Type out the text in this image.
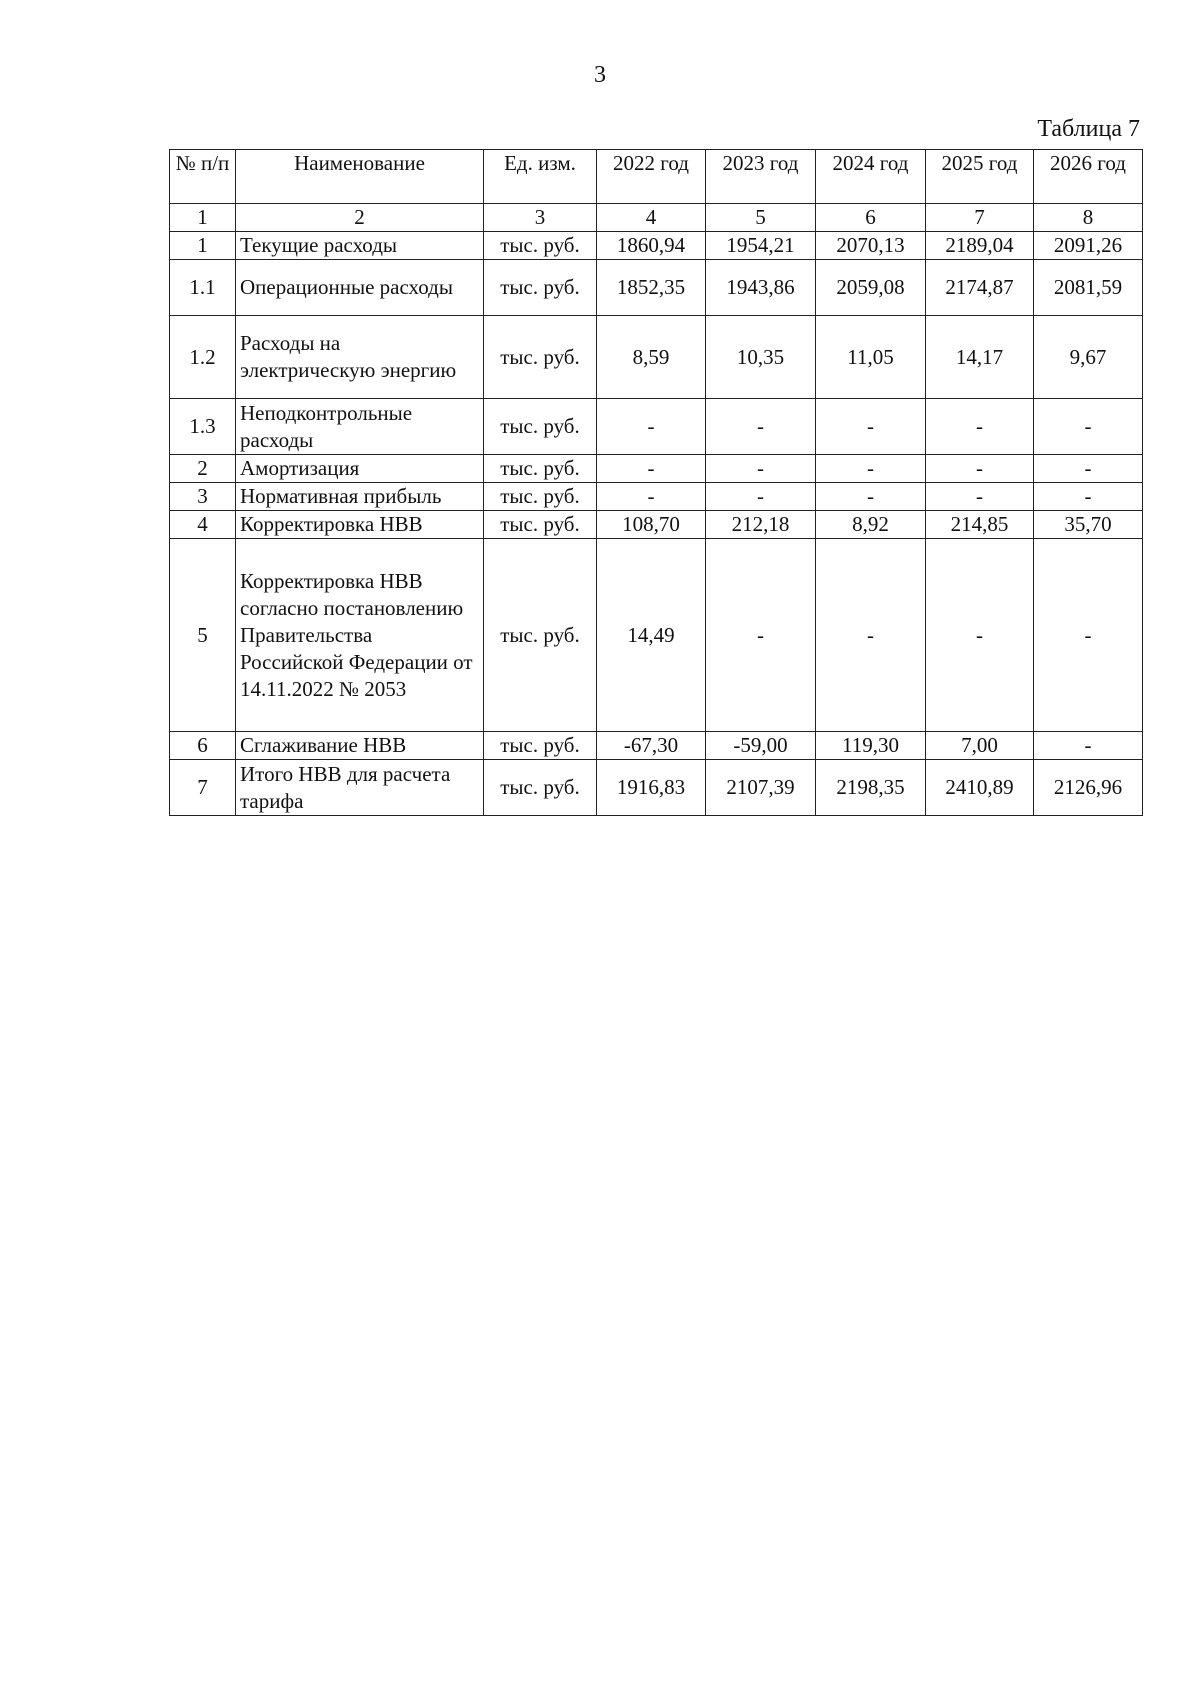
3
Таблица 7
№ п/п	Наименование	Ед. изм.	2022 год	2023 год	2024 год	2025 год	2026 год
1	2	3	4	5	6	7	8
1	Текущие расходы	тыс. руб.	1860,94	1954,21	2070,13	2189,04	2091,26
1.1	Операционные расходы	тыс. руб.	1852,35	1943,86	2059,08	2174,87	2081,59
1.2	Расходы на электрическую энергию	тыс. руб.	8,59	10,35	11,05	14,17	9,67
1.3	Неподконтрольные расходы	тыс. руб.	-	-	-	-	-
2	Амортизация	тыс. руб.	-	-	-	-	-
3	Нормативная прибыль	тыс. руб.	-	-	-	-	-
4	Корректировка НВВ	тыс. руб.	108,70	212,18	8,92	214,85	35,70
5	Корректировка НВВ согласно постановлению Правительства Российской Федерации от 14.11.2022 № 2053	тыс. руб.	14,49	-	-	-	-
6	Сглаживание НВВ	тыс. руб.	-67,30	-59,00	119,30	7,00	-
7	Итого НВВ для расчета тарифа	тыс. руб.	1916,83	2107,39	2198,35	2410,89	2126,96
